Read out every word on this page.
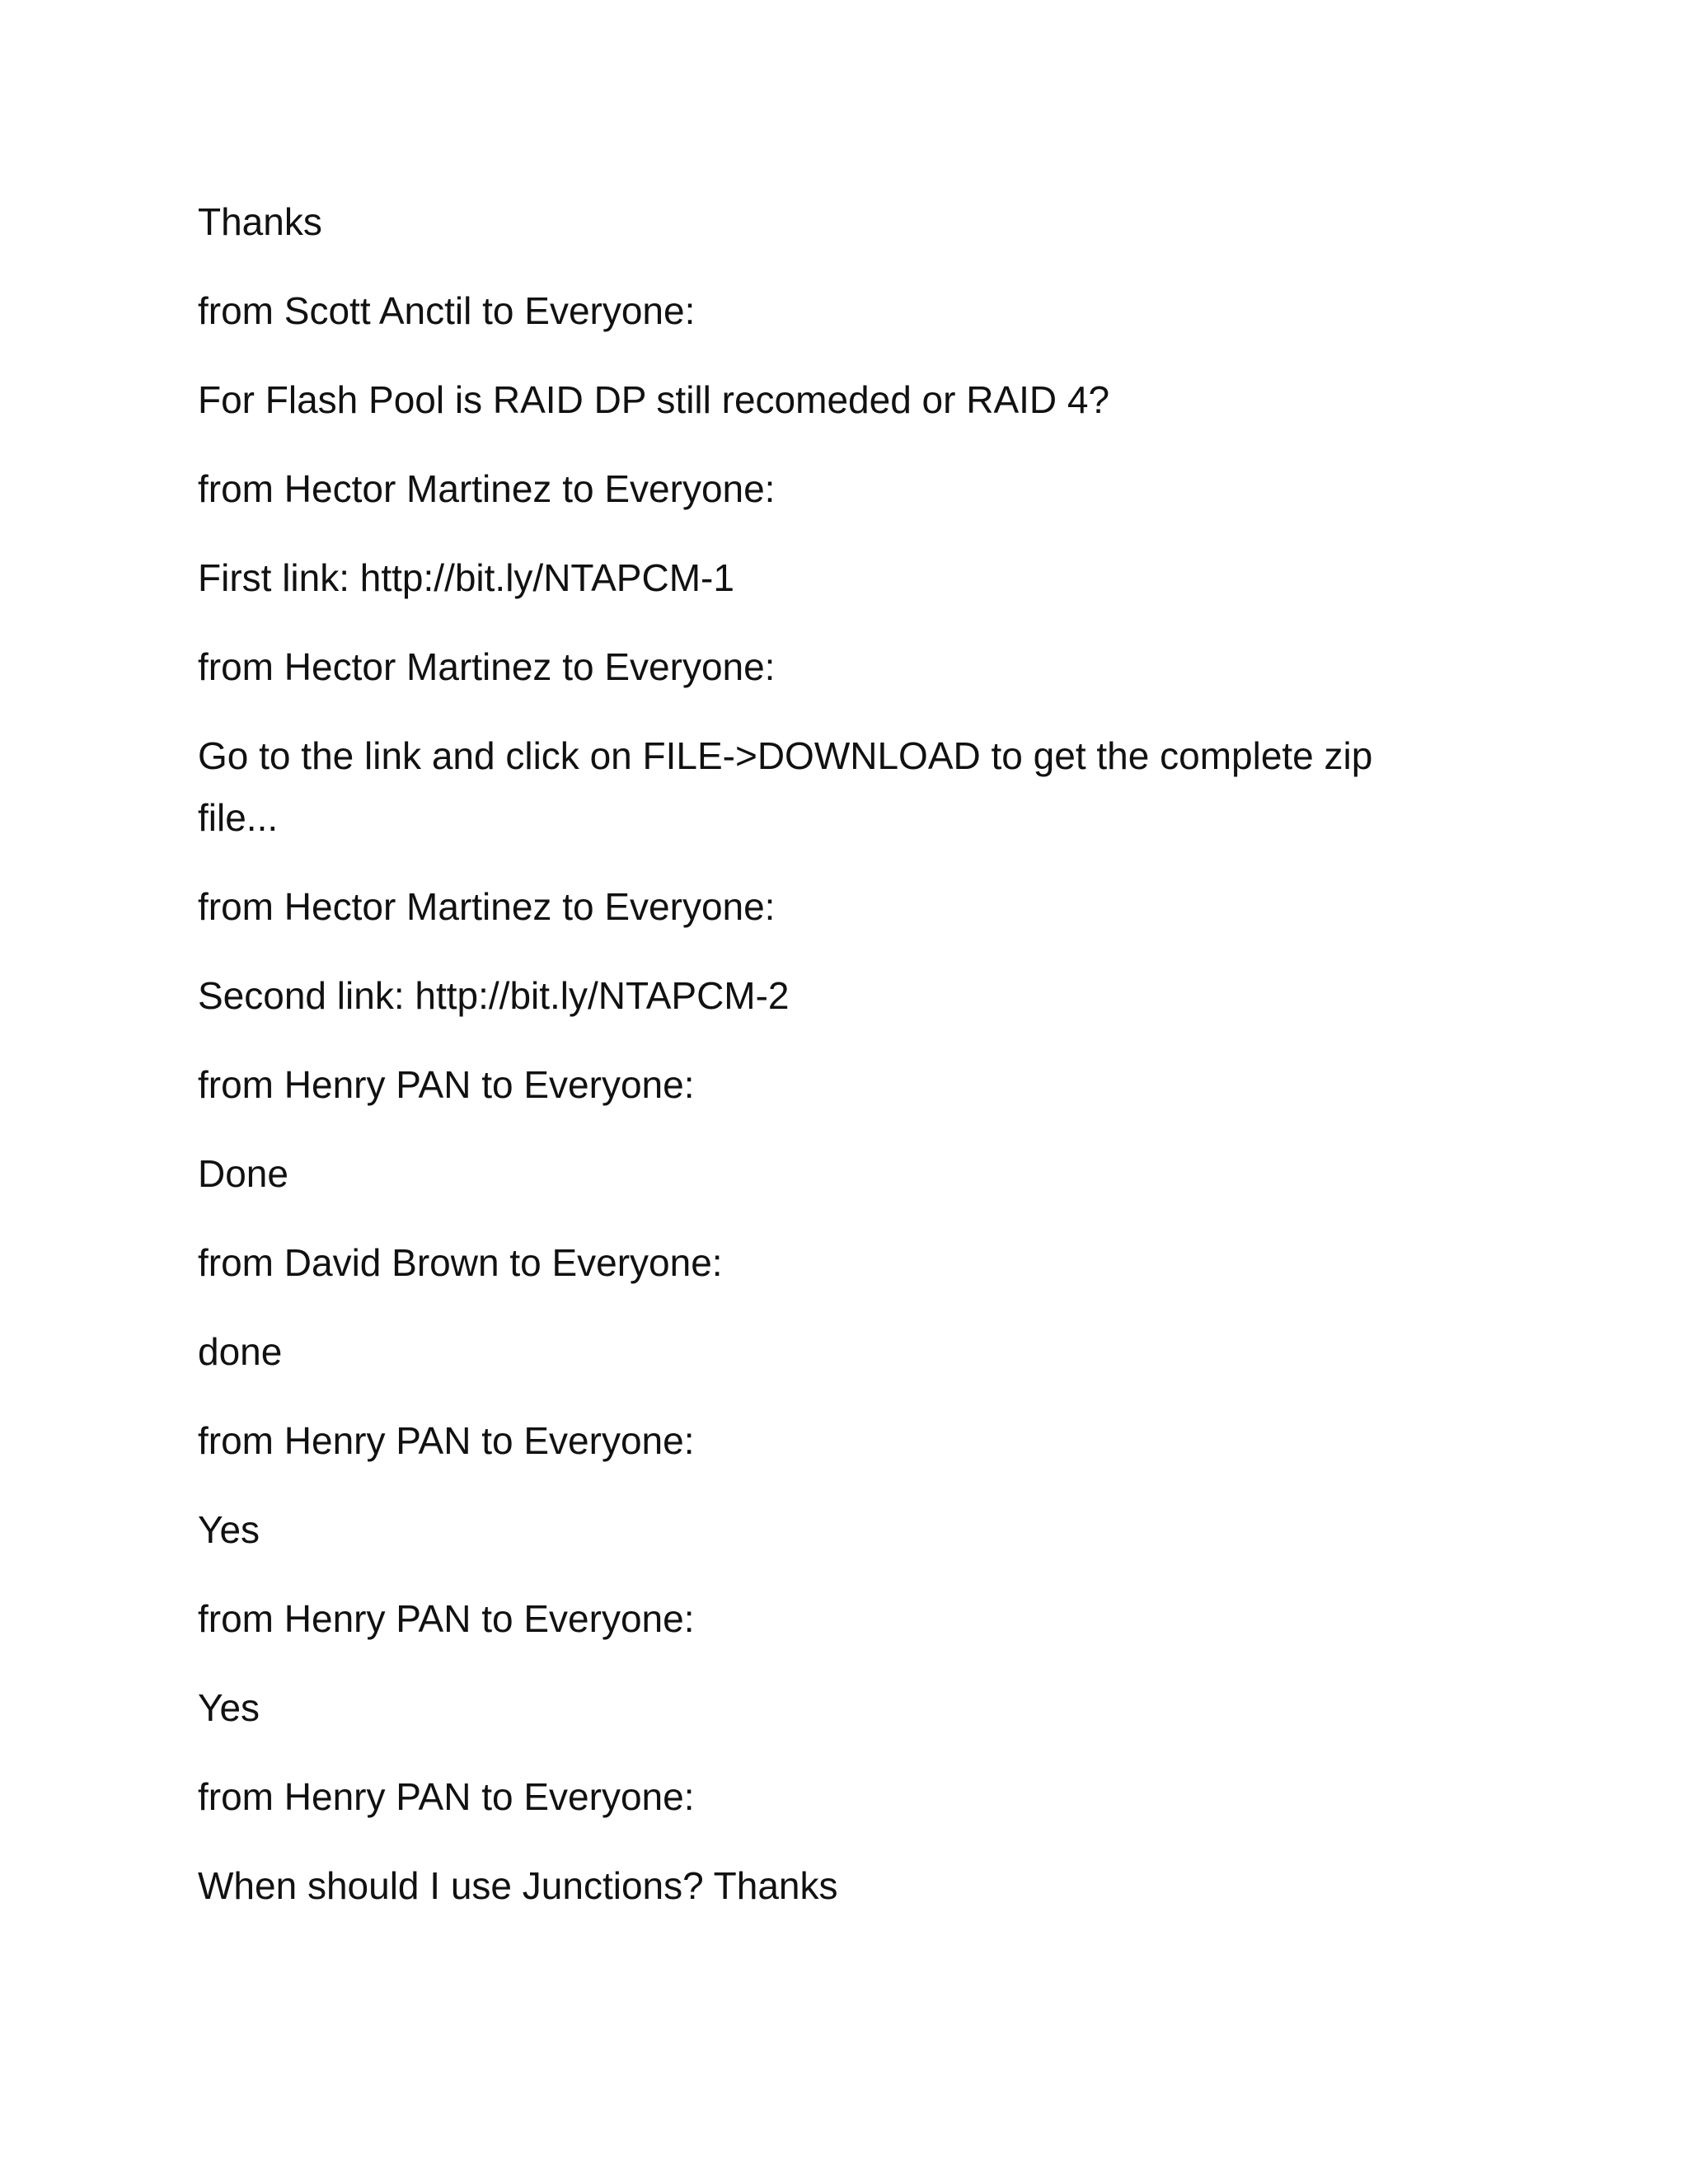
Thanks

from Scott Anctil to Everyone:

For Flash Pool is RAID DP still recomeded or RAID 4?

from Hector Martinez to Everyone:

First link: http://bit.ly/NTAPCM-1

from Hector Martinez to Everyone:

Go to the link and click on FILE->DOWNLOAD to get the complete zip file...

from Hector Martinez to Everyone:

Second link: http://bit.ly/NTAPCM-2

from Henry PAN to Everyone:

Done

from David Brown to Everyone:

done

from Henry PAN to Everyone:

Yes

from Henry PAN to Everyone:

Yes

from Henry PAN to Everyone:

When should I use Junctions? Thanks
